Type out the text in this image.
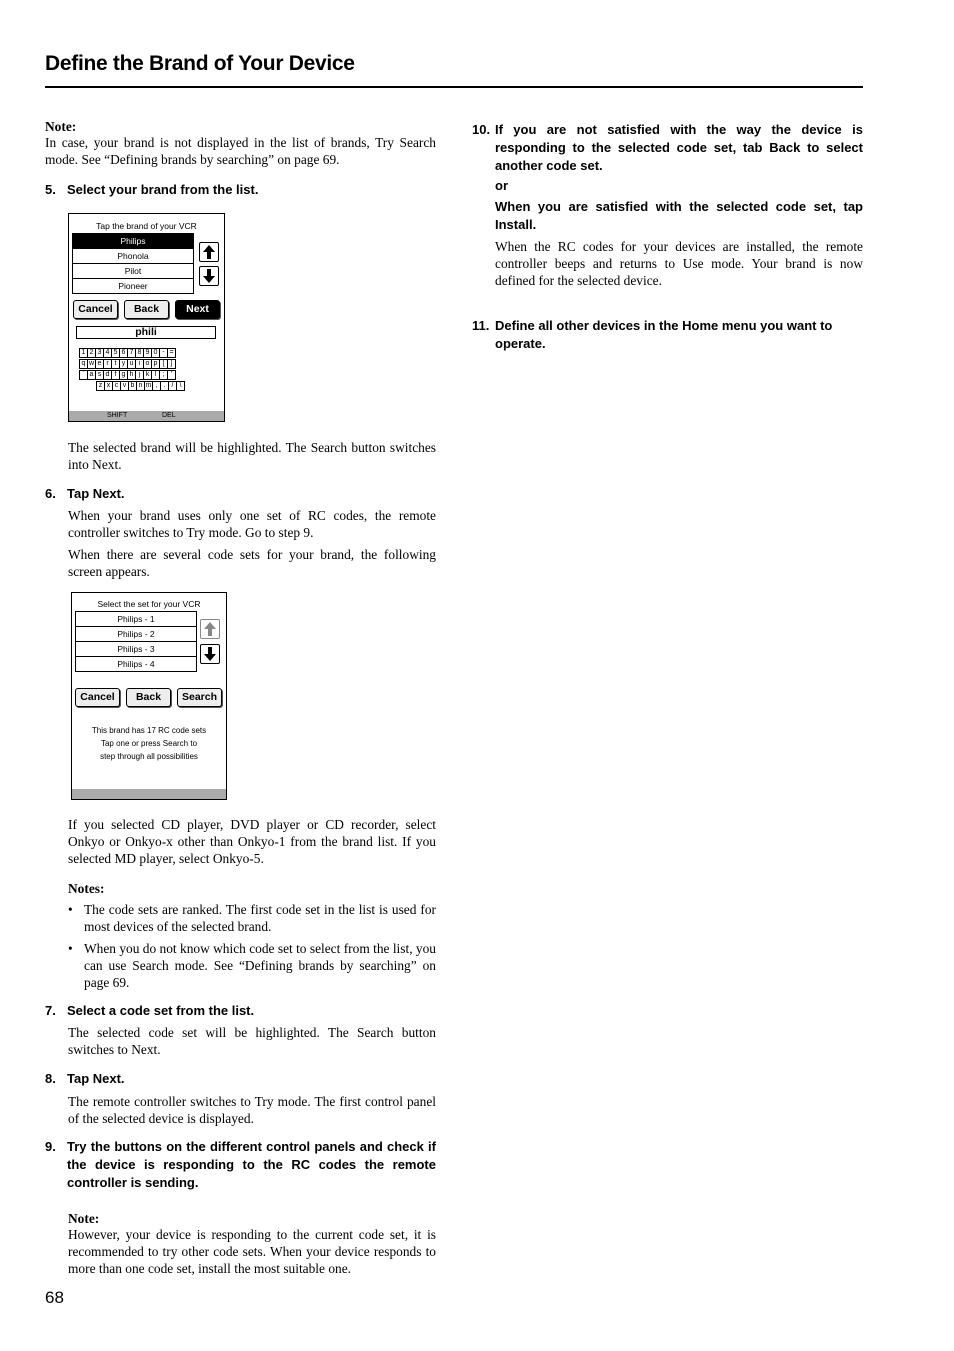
Define the Brand of Your Device
Note:
In case, your brand is not displayed in the list of brands, Try Search mode. See “Defining brands by searching” on page 69.
5. Select your brand from the list.
Tap the brand of your VCR
Philips
Phonola
Pilot
Pioneer
Cancel	Back	Next
phili
1 2 3 4 5 6 7 8 9 0 - =
q w e r t y u i o p [ ]
` a s d f g h j k l ; '
z x c v b n m , . / \
SHIFT	DEL
The selected brand will be highlighted. The Search button switches into Next.
6. Tap Next.
When your brand uses only one set of RC codes, the remote controller switches to Try mode. Go to step 9.
When there are several code sets for your brand, the following screen appears.
Select the set for your VCR
Philips - 1
Philips - 2
Philips - 3
Philips - 4
Cancel	Back	Search
This brand has 17 RC code sets
Tap one or press Search to
step through all possibilities
If you selected CD player, DVD player or CD recorder, select Onkyo or Onkyo-x other than Onkyo-1 from the brand list. If you selected MD player, select Onkyo-5.
Notes:
• The code sets are ranked. The first code set in the list is used for most devices of the selected brand.
• When you do not know which code set to select from the list, you can use Search mode. See “Defining brands by searching” on page 69.
7. Select a code set from the list.
The selected code set will be highlighted. The Search button switches to Next.
8. Tap Next.
The remote controller switches to Try mode. The first control panel of the selected device is displayed.
9. Try the buttons on the different control panels and check if the device is responding to the RC codes the remote controller is sending.
Note:
However, your device is responding to the current code set, it is recommended to try other code sets. When your device responds to more than one code set, install the most suitable one.
68
10. If you are not satisfied with the way the device is responding to the selected code set, tab Back to select another code set.
or
When you are satisfied with the selected code set, tap Install.
When the RC codes for your devices are installed, the remote controller beeps and returns to Use mode. Your brand is now defined for the selected device.
11. Define all other devices in the Home menu you want to operate.
